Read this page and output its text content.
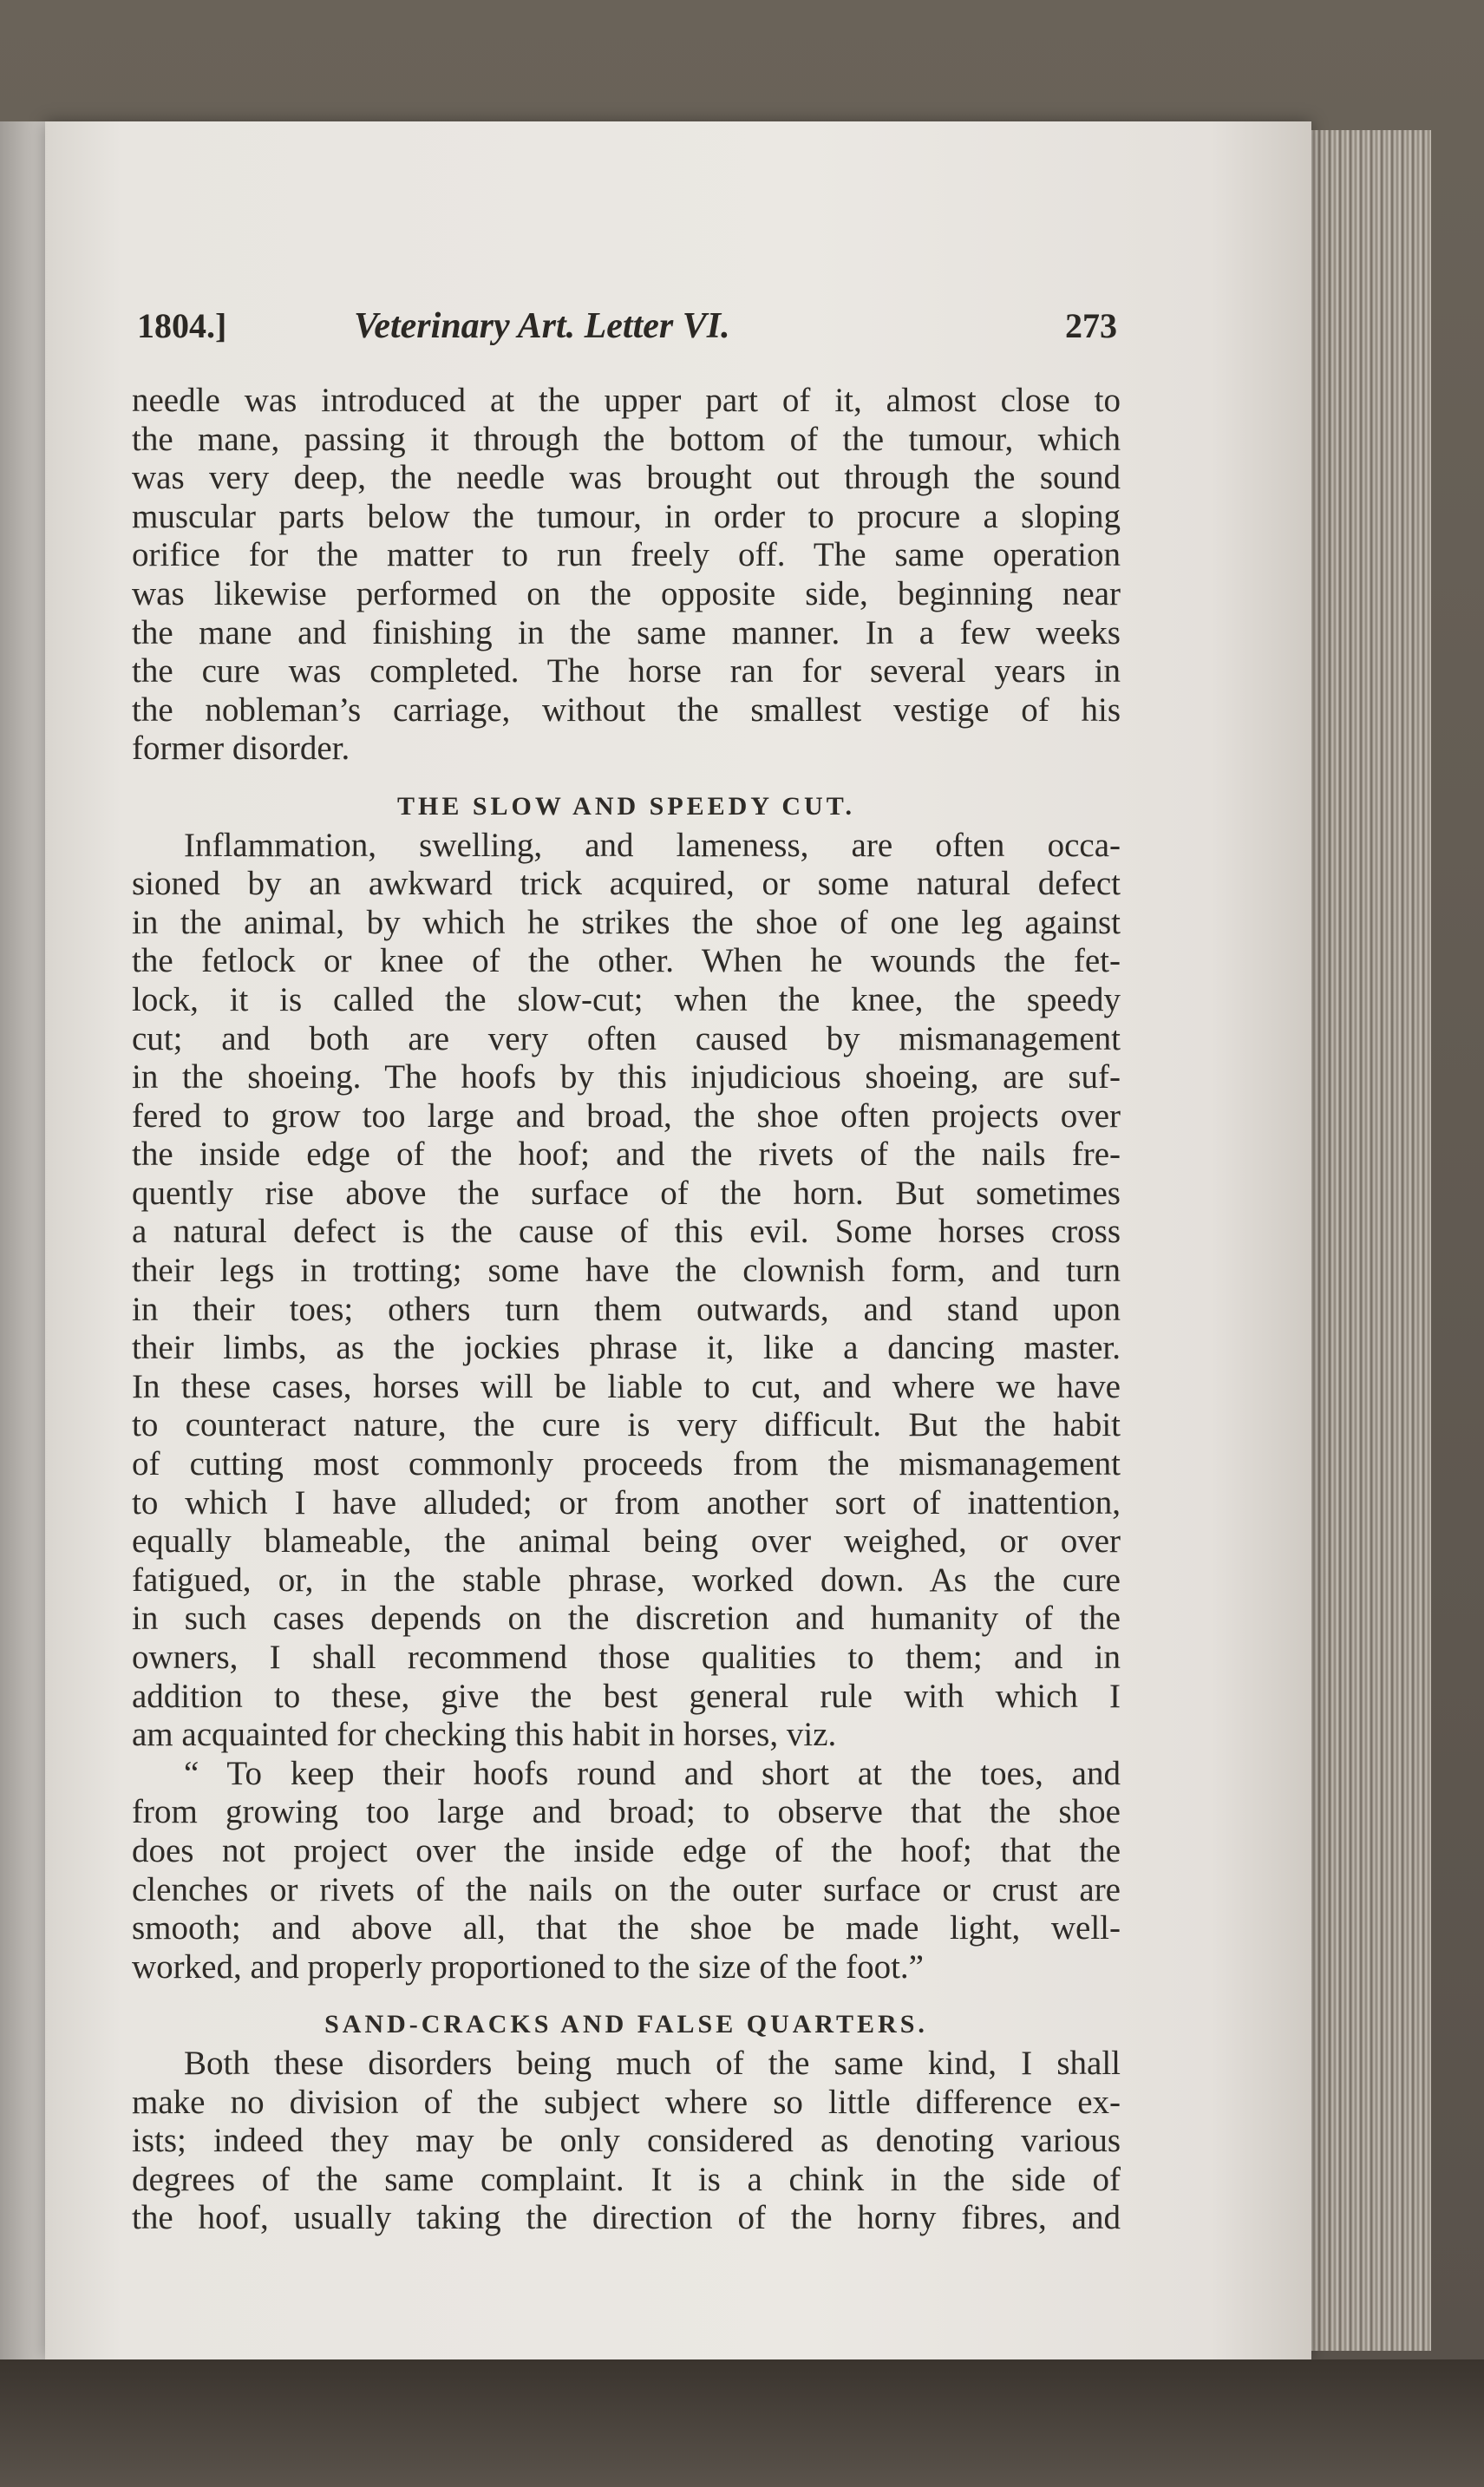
1804.]	Veterinary Art. Letter VI.	273
needle was introduced at the upper part of it, almost close to
the mane, passing it through the bottom of the tumour, which
was very deep, the needle was brought out through the sound
muscular parts below the tumour, in order to procure a sloping
orifice for the matter to run freely off. The same operation
was likewise performed on the opposite side, beginning near
the mane and finishing in the same manner. In a few weeks
the cure was completed. The horse ran for several years in
the nobleman’s carriage, without the smallest vestige of his
former disorder.
THE SLOW AND SPEEDY CUT.
Inflammation, swelling, and lameness, are often occa-
sioned by an awkward trick acquired, or some natural defect
in the animal, by which he strikes the shoe of one leg against
the fetlock or knee of the other. When he wounds the fet-
lock, it is called the slow-cut; when the knee, the speedy
cut; and both are very often caused by mismanagement
in the shoeing. The hoofs by this injudicious shoeing, are suf-
fered to grow too large and broad, the shoe often projects over
the inside edge of the hoof; and the rivets of the nails fre-
quently rise above the surface of the horn. But sometimes
a natural defect is the cause of this evil. Some horses cross
their legs in trotting; some have the clownish form, and turn
in their toes; others turn them outwards, and stand upon
their limbs, as the jockies phrase it, like a dancing master.
In these cases, horses will be liable to cut, and where we have
to counteract nature, the cure is very difficult. But the habit
of cutting most commonly proceeds from the mismanagement
to which I have alluded; or from another sort of inattention,
equally blameable, the animal being over weighed, or over
fatigued, or, in the stable phrase, worked down. As the cure
in such cases depends on the discretion and humanity of the
owners, I shall recommend those qualities to them; and in
addition to these, give the best general rule with which I
am acquainted for checking this habit in horses, viz.
“ To keep their hoofs round and short at the toes, and
from growing too large and broad; to observe that the shoe
does not project over the inside edge of the hoof; that the
clenches or rivets of the nails on the outer surface or crust are
smooth; and above all, that the shoe be made light, well-
worked, and properly proportioned to the size of the foot.”
SAND-CRACKS AND FALSE QUARTERS.
Both these disorders being much of the same kind, I shall
make no division of the subject where so little difference ex-
ists; indeed they may be only considered as denoting various
degrees of the same complaint. It is a chink in the side of
the hoof, usually taking the direction of the horny fibres, and
